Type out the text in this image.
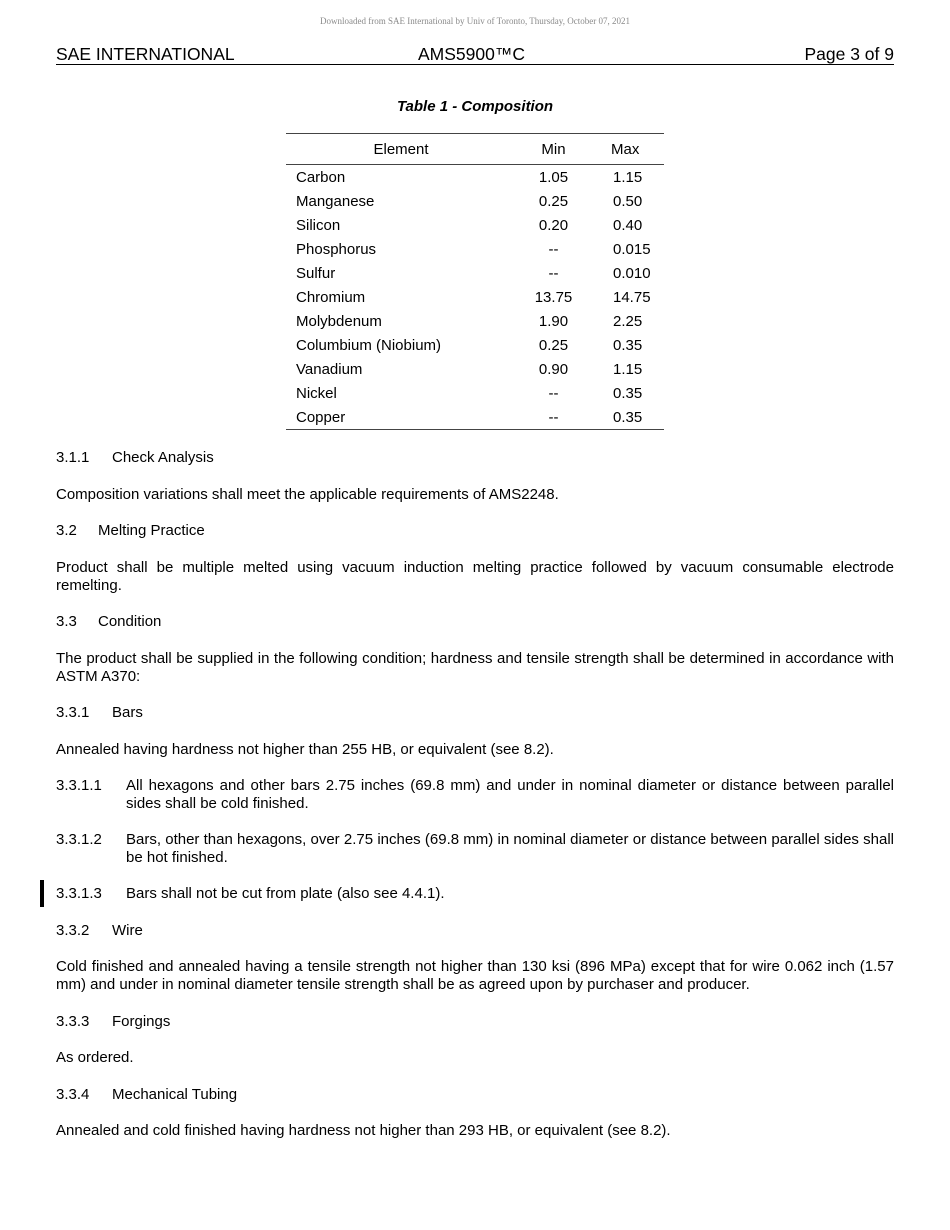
Downloaded from SAE International by Univ of Toronto, Thursday, October 07, 2021
SAE INTERNATIONAL	AMS5900™C	Page 3 of 9
Table 1 - Composition
Element	Min	Max
Carbon	1.05	1.15
Manganese	0.25	0.50
Silicon	0.20	0.40
Phosphorus	--	0.015
Sulfur	--	0.010
Chromium	13.75	14.75
Molybdenum	1.90	2.25
Columbium (Niobium)	0.25	0.35
Vanadium	0.90	1.15
Nickel	--	0.35
Copper	--	0.35
3.1.1 Check Analysis
Composition variations shall meet the applicable requirements of AMS2248.
3.2 Melting Practice
Product shall be multiple melted using vacuum induction melting practice followed by vacuum consumable electrode remelting.
3.3 Condition
The product shall be supplied in the following condition; hardness and tensile strength shall be determined in accordance with ASTM A370:
3.3.1 Bars
Annealed having hardness not higher than 255 HB, or equivalent (see 8.2).
3.3.1.1	All hexagons and other bars 2.75 inches (69.8 mm) and under in nominal diameter or distance between parallel sides shall be cold finished.
3.3.1.2	Bars, other than hexagons, over 2.75 inches (69.8 mm) in nominal diameter or distance between parallel sides shall be hot finished.
3.3.1.3	Bars shall not be cut from plate (also see 4.4.1).
3.3.2 Wire
Cold finished and annealed having a tensile strength not higher than 130 ksi (896 MPa) except that for wire 0.062 inch (1.57 mm) and under in nominal diameter tensile strength shall be as agreed upon by purchaser and producer.
3.3.3 Forgings
As ordered.
3.3.4 Mechanical Tubing
Annealed and cold finished having hardness not higher than 293 HB, or equivalent (see 8.2).
